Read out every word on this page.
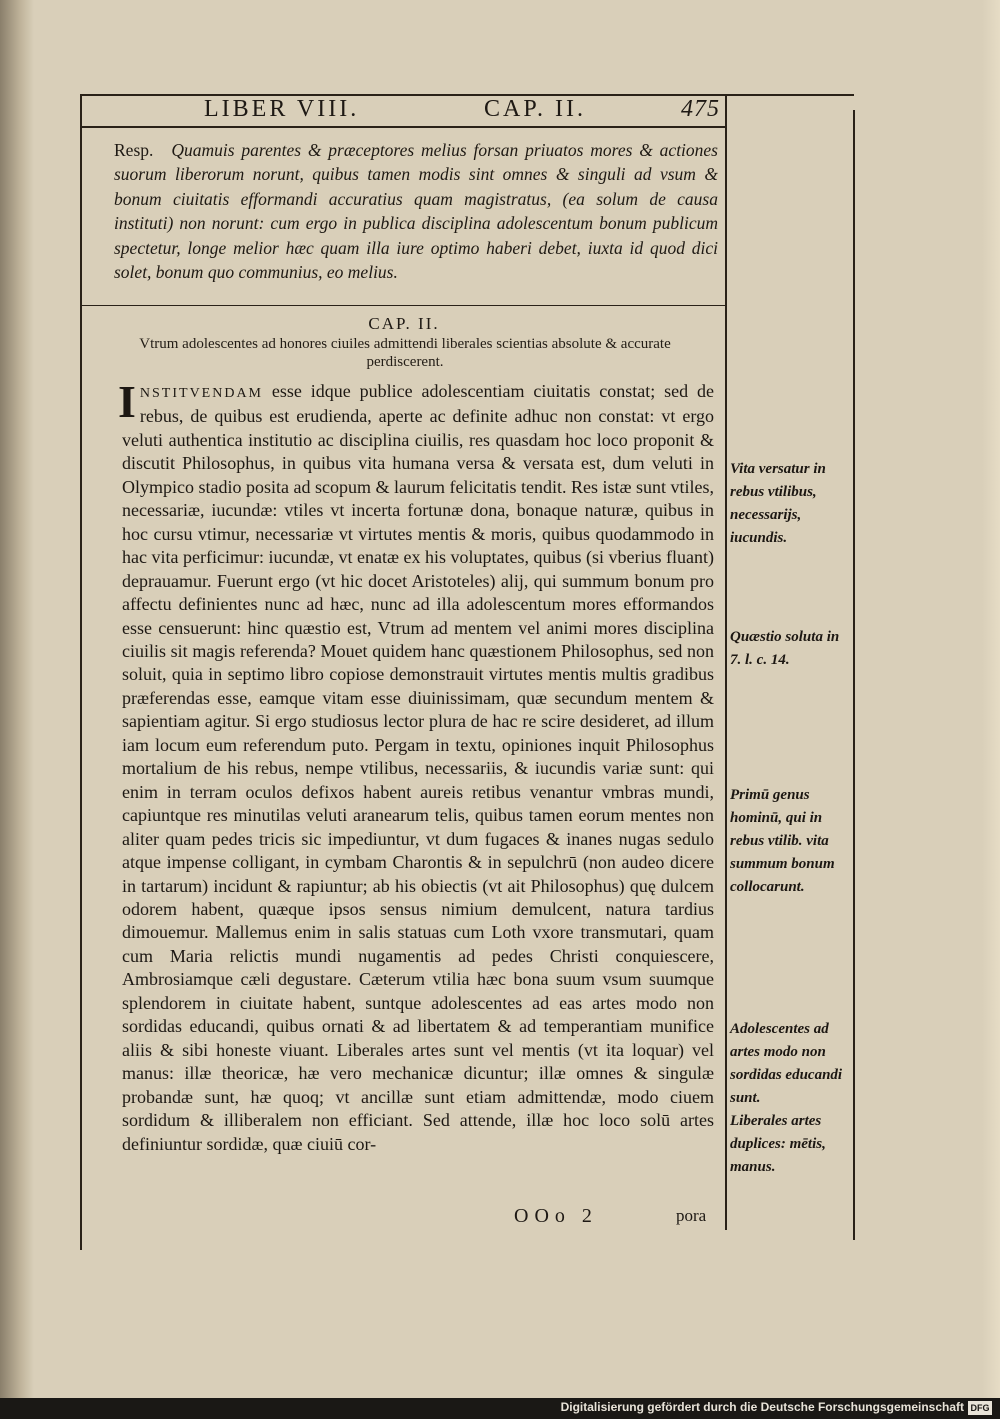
LIBER VIII.	CAP. II.	475
Resp. Quamuis parentes & præceptores melius forsan priuatos mores & actiones suorum liberorum norunt, quibus tamen modis sint omnes & singuli ad vsum & bonum ciuitatis efformandi accuratius quam magistratus, (ea solum de causa instituti) non norunt: cum ergo in publica disciplina adolescentum bonum publicum spectetur, longe melior hæc quam illa iure optimo haberi debet, iuxta id quod dici solet, bonum quo communius, eo melius.
CAP. II.
Vtrum adolescentes ad honores ciuiles admittendi liberales scientias absolute & accurate perdiscerent.
INSTITVENDAM esse idque publice adolescentiam ciuitatis constat; sed de rebus, de quibus est erudienda, aperte ac definite adhuc non constat: vt ergo veluti authentica institutio ac disciplina ciuilis, res quasdam hoc loco proponit & discutit Philosophus, in quibus vita humana versa & versata est, dum veluti in Olympico stadio posita ad scopum & laurum felicitatis tendit. Res istæ sunt vtiles, necessariæ, iucundæ: vtiles vt incerta fortunæ dona, bonaque naturæ, quibus in hoc cursu vtimur, necessariæ vt virtutes mentis & moris, quibus quodammodo in hac vita perficimur: iucundæ, vt enatæ ex his voluptates, quibus (si vberius fluant) deprauamur. Fuerunt ergo (vt hic docet Aristoteles) alij, qui summum bonum pro affectu definientes nunc ad hæc, nunc ad illa adolescentum mores efformandos esse censuerunt: hinc quæstio est, Vtrum ad mentem vel animi mores disciplina ciuilis sit magis referenda? Mouet quidem hanc quæstionem Philosophus, sed non soluit, quia in septimo libro copiose demonstrauit virtutes mentis multis gradibus præferendas esse, eamque vitam esse diuinissimam, quæ secundum mentem & sapientiam agitur. Si ergo studiosus lector plura de hac re scire desideret, ad illum iam locum eum referendum puto. Pergam in textu, opiniones inquit Philosophus mortalium de his rebus, nempe vtilibus, necessariis, & iucundis variæ sunt: qui enim in terram oculos defixos habent aureis retibus venantur vmbras mundi, capiuntque res minutilas veluti aranearum telis, quibus tamen eorum mentes non aliter quam pedes tricis sic impediuntur, vt dum fugaces & inanes nugas sedulo atque impense colligant, in cymbam Charontis & in sepulchrū (non audeo dicere in tartarum) incidunt & rapiuntur; ab his obiectis (vt ait Philosophus) quę dulcem odorem habent, quæque ipsos sensus nimium demulcent, natura tardius dimouemur. Mallemus enim in salis statuas cum Loth vxore transmutari, quam cum Maria relictis mundi nugamentis ad pedes Christi conquiescere, Ambrosiamque cæli degustare. Cæterum vtilia hæc bona suum vsum suumque splendorem in ciuitate habent, suntque adolescentes ad eas artes modo non sordidas educandi, quibus ornati & ad libertatem & ad temperantiam munifice aliis & sibi honeste viuant. Liberales artes sunt vel mentis (vt ita loquar) vel manus: illæ theoricæ, hæ vero mechanicæ dicuntur; illæ omnes & singulæ probandæ sunt, hæ quoq; vt ancillæ sunt etiam admittendæ, modo ciuem sordidum & illiberalem non efficiant. Sed attende, illæ hoc loco solū artes definiuntur sordidæ, quæ ciuiū cor-
Vita versatur in rebus vtilibus, necessarijs, iucundis.
Quæstio soluta in 7. l. c. 14.
Primū genus hominū, qui in rebus vtilib. vita summum bonum collocarunt.
Adolescentes ad artes modo non sordidas educandi sunt.
Liberales artes duplices: mētis, manus.
OOo 2	pora
Digitalisierung gefördert durch die Deutsche Forschungsgemeinschaft DFG
